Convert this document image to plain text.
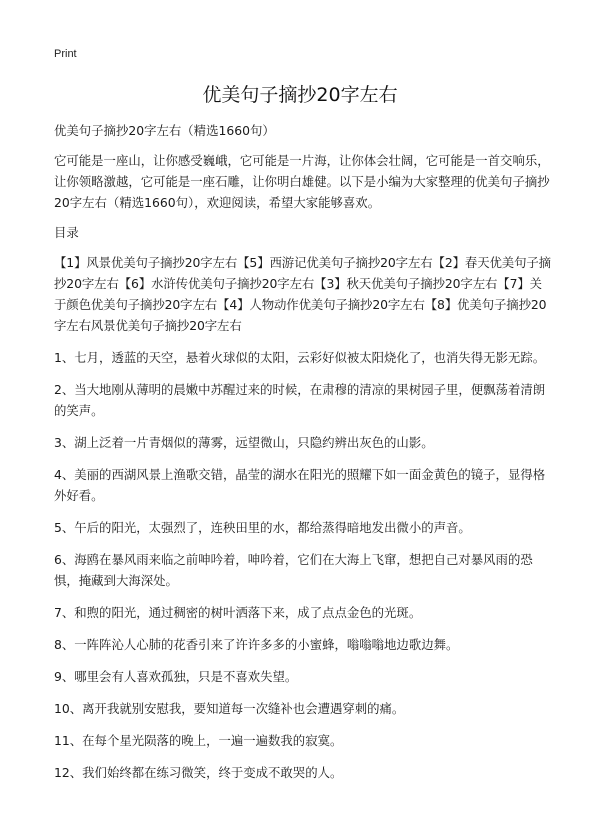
Print
优美句子摘抄20字左右

优美句子摘抄20字左右（精选1660句）

它可能是一座山，让你感受巍峨，它可能是一片海，让你体会壮阔，它可能是一首交响乐，让你领略激越，它可能是一座石雕，让你明白雄健。以下是小编为大家整理的优美句子摘抄20字左右（精选1660句），欢迎阅读，希望大家能够喜欢。

目录

【1】风景优美句子摘抄20字左右【5】西游记优美句子摘抄20字左右【2】春天优美句子摘抄20字左右【6】水浒传优美句子摘抄20字左右【3】秋天优美句子摘抄20字左右【7】关于颜色优美句子摘抄20字左右【4】人物动作优美句子摘抄20字左右【8】优美句子摘抄20字左右风景优美句子摘抄20字左右

1、七月，透蓝的天空，悬着火球似的太阳，云彩好似被太阳烧化了，也消失得无影无踪。

2、当大地刚从薄明的晨嫩中苏醒过来的时候，在肃穆的清凉的果树园子里，便飘荡着清朗的笑声。

3、湖上泛着一片青烟似的薄雾，远望微山，只隐约辨出灰色的山影。

4、美丽的西湖风景上渔歌交错，晶莹的湖水在阳光的照耀下如一面金黄色的镜子，显得格外好看。

5、午后的阳光，太强烈了，连秧田里的水，都给蒸得暗地发出微小的声音。

6、海鸥在暴风雨来临之前呻吟着，呻吟着，它们在大海上飞窜，想把自己对暴风雨的恐惧，掩藏到大海深处。

7、和煦的阳光，通过稠密的树叶洒落下来，成了点点金色的光斑。

8、一阵阵沁人心肺的花香引来了许许多多的小蜜蜂，嗡嗡嗡地边歌边舞。

9、哪里会有人喜欢孤独，只是不喜欢失望。

10、离开我就别安慰我，要知道每一次缝补也会遭遇穿刺的痛。

11、在每个星光陨落的晚上，一遍一遍数我的寂寞。

12、我们始终都在练习微笑，终于变成不敢哭的人。
